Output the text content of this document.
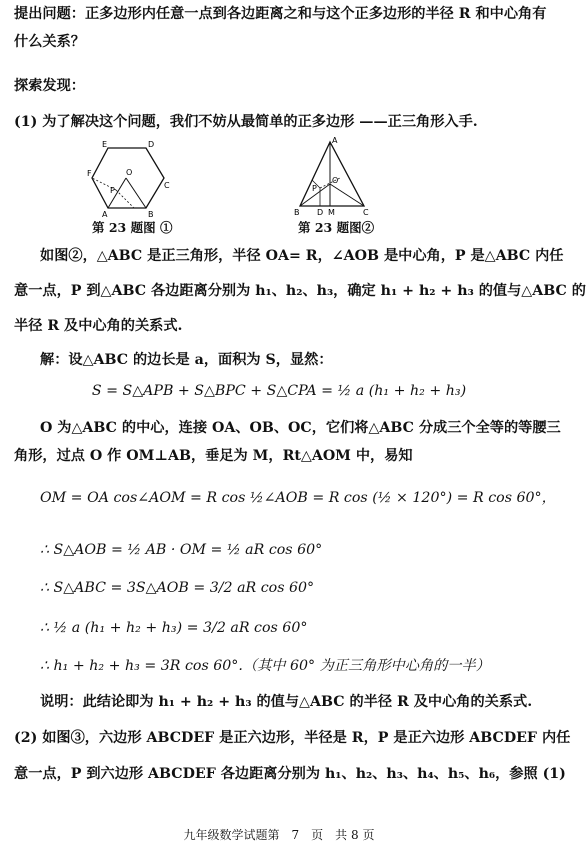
提出问题：正多边形内任意一点到各边距离之和与这个正多边形的半径 R 和中心角有
什么关系？
探索发现：
(1) 为了解决这个问题，我们不妨从最简单的正多边形 ——正三角形入手.
E	D
F	O
C
P
B
A
第 23 题图 ①
A
P
O
B D M	C
第 23 题图②
如图②，△ABC 是正三角形，半径 OA= R，∠AOB 是中心角，P 是△ABC 内任
意一点，P 到△ABC 各边距离分别为 h₁、h₂、h₃，确定 h₁ + h₂ + h₃ 的值与△ABC 的
半径 R 及中心角的关系式.
解：设△ABC 的边长是 a，面积为 S，显然：
S = S△APB + S△BPC + S△CPA = ½ a (h₁ + h₂ + h₃)
O 为△ABC 的中心，连接 OA、OB、OC，它们将△ABC 分成三个全等的等腰三
角形，过点 O 作 OM⊥AB，垂足为 M，Rt△AOM 中，易知
OM = OA cos∠AOM = R cos ½∠AOB = R cos (½ × 120°) = R cos 60°，
∴ S△AOB = ½ AB · OM = ½ aR cos 60°
∴ S△ABC = 3S△AOB = 3/2 aR cos 60°
∴ ½ a (h₁ + h₂ + h₃) = 3/2 aR cos 60°
∴ h₁ + h₂ + h₃ = 3R cos 60°.（其中 60° 为正三角形中心角的一半）
说明：此结论即为 h₁ + h₂ + h₃ 的值与△ABC 的半径 R 及中心角的关系式.
(2) 如图③，六边形 ABCDEF 是正六边形，半径是 R，P 是正六边形 ABCDEF 内任
意一点，P 到六边形 ABCDEF 各边距离分别为 h₁、h₂、h₃、h₄、h₅、h₆，参照 (1)
九年级数学试题第　7　页　共 8 页
